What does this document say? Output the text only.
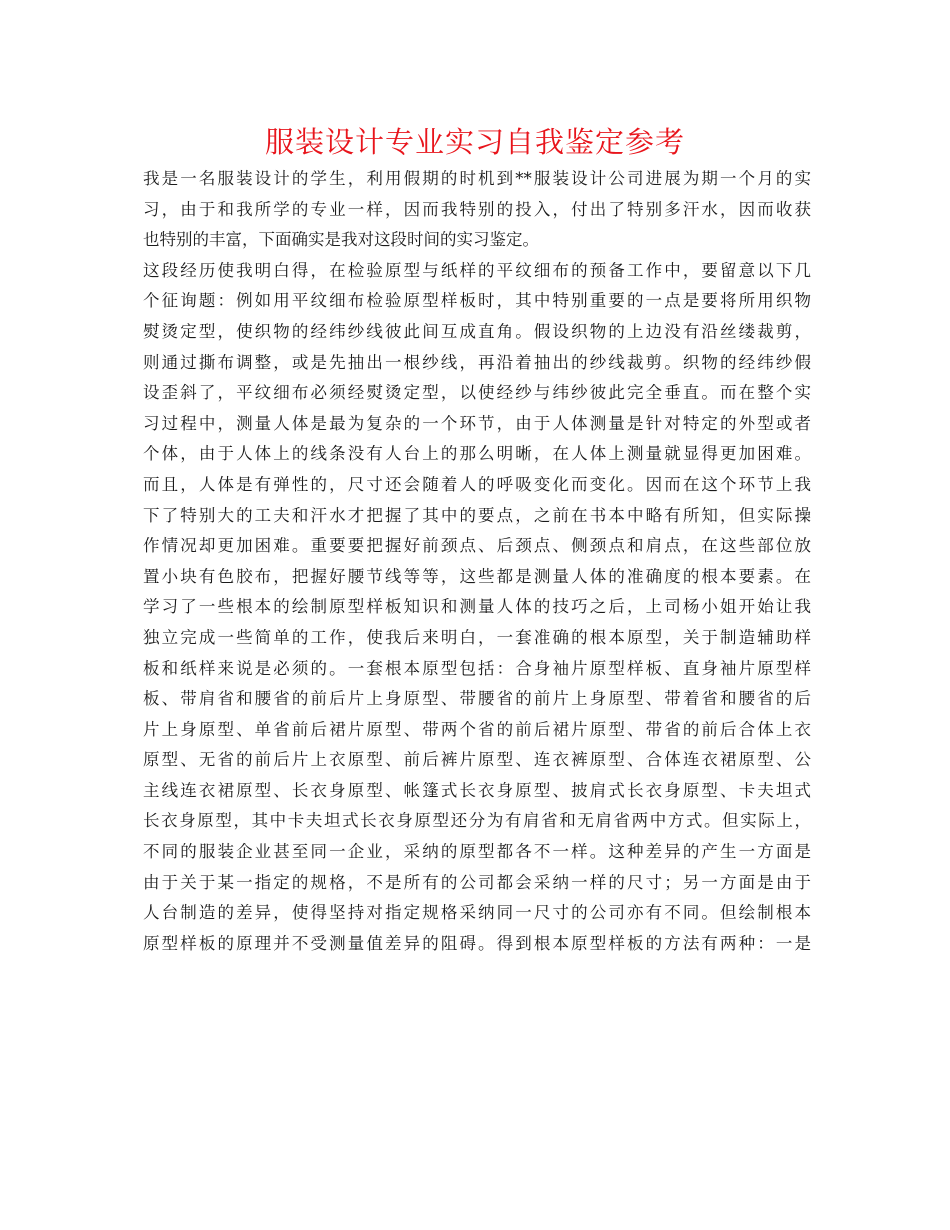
服装设计专业实习自我鉴定参考
我是一名服装设计的学生，利用假期的时机到**服装设计公司进展为期一个月的实
习，由于和我所学的专业一样，因而我特别的投入，付出了特别多汗水，因而收获
也特别的丰富，下面确实是我对这段时间的实习鉴定。
这段经历使我明白得，在检验原型与纸样的平纹细布的预备工作中，要留意以下几
个征询题：例如用平纹细布检验原型样板时，其中特别重要的一点是要将所用织物
熨烫定型，使织物的经纬纱线彼此间互成直角。假设织物的上边没有沿丝缕裁剪，
则通过撕布调整，或是先抽出一根纱线，再沿着抽出的纱线裁剪。织物的经纬纱假
设歪斜了，平纹细布必须经熨烫定型，以使经纱与纬纱彼此完全垂直。而在整个实
习过程中，测量人体是最为复杂的一个环节，由于人体测量是针对特定的外型或者
个体，由于人体上的线条没有人台上的那么明晰，在人体上测量就显得更加困难。
而且，人体是有弹性的，尺寸还会随着人的呼吸变化而变化。因而在这个环节上我
下了特别大的工夫和汗水才把握了其中的要点，之前在书本中略有所知，但实际操
作情况却更加困难。重要要把握好前颈点、后颈点、侧颈点和肩点，在这些部位放
置小块有色胶布，把握好腰节线等等，这些都是测量人体的准确度的根本要素。在
学习了一些根本的绘制原型样板知识和测量人体的技巧之后，上司杨小姐开始让我
独立完成一些简单的工作，使我后来明白，一套准确的根本原型，关于制造辅助样
板和纸样来说是必须的。一套根本原型包括：合身袖片原型样板、直身袖片原型样
板、带肩省和腰省的前后片上身原型、带腰省的前片上身原型、带着省和腰省的后
片上身原型、单省前后裙片原型、带两个省的前后裙片原型、带省的前后合体上衣
原型、无省的前后片上衣原型、前后裤片原型、连衣裤原型、合体连衣裙原型、公
主线连衣裙原型、长衣身原型、帐篷式长衣身原型、披肩式长衣身原型、卡夫坦式
长衣身原型，其中卡夫坦式长衣身原型还分为有肩省和无肩省两中方式。但实际上，
不同的服装企业甚至同一企业，采纳的原型都各不一样。这种差异的产生一方面是
由于关于某一指定的规格，不是所有的公司都会采纳一样的尺寸；另一方面是由于
人台制造的差异，使得坚持对指定规格采纳同一尺寸的公司亦有不同。但绘制根本
原型样板的原理并不受测量值差异的阻碍。得到根本原型样板的方法有两种：一是
